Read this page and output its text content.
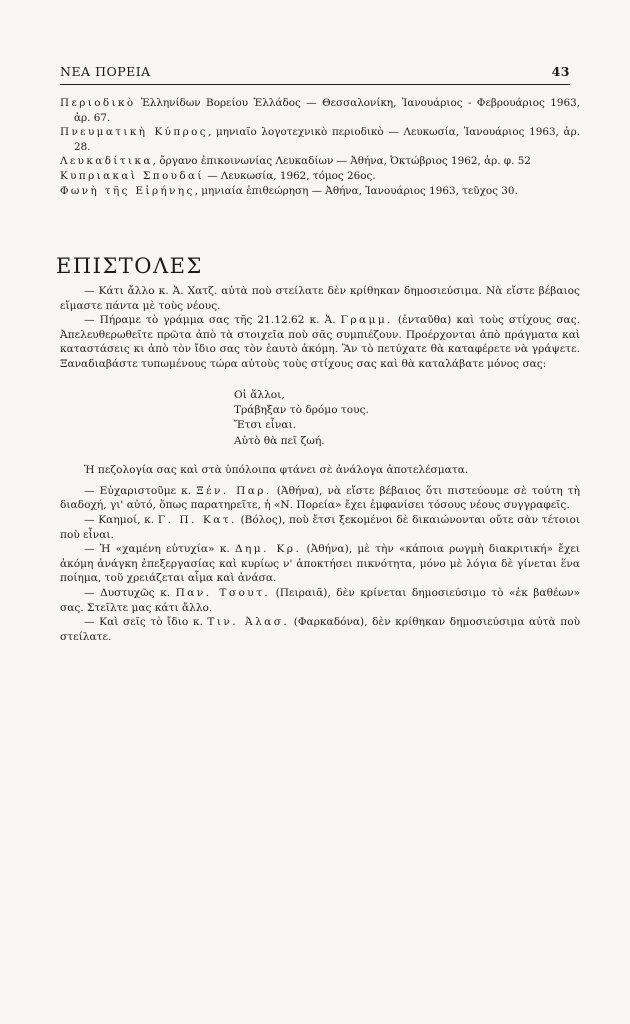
ΝΕΑ ΠΟΡΕΙΑ	43
Περιοδικὸ Ἑλληνίδων Βορείου Ἑλλάδος — Θεσσαλονίκη, Ἰανουάριος - Φεβρουάριος 1963, ἀρ. 67.
Πνευματικὴ Κύπρος, μηνιαῖο λογοτεχνικὸ περιοδικὸ — Λευκωσία, Ἰανουάριος 1963, ἀρ. 28.
Λευκαδίτικα, ὄργανο ἐπικοινωνίας Λευκαδίων — Ἀθήνα, Ὀκτώβριος 1962, ἀρ. φ. 52
Κυπριακαὶ Σπουδαί — Λευκωσία, 1962, τόμος 26ος.
Φωνὴ τῆς Εἰρήνης, μηνιαία ἐπιθεώρηση — Ἀθήνα, Ἰανουάριος 1963, τεῦχος 30.
ΕΠΙΣΤΟΛΕΣ

— Κάτι ἄλλο κ. Ἀ. Χατζ. αὐτὰ ποὺ στείλατε δὲν κρίθηκαν δημοσιεύσιμα. Νὰ εἴστε βέβαιος εἴμαστε πάντα μὲ τοὺς νέους.

— Πήραμε τὸ γράμμα σας τῆς 21.12.62 κ. Ἀ. Γραμμ. (ἐνταῦθα) καὶ τοὺς στίχους σας. Ἀπελευθερωθεῖτε πρῶτα ἀπὸ τὰ στοιχεῖα ποὺ σᾶς συμπιέζουν. Προέρχονται ἀπὸ πράγματα καὶ καταστάσεις κι ἀπὸ τὸν ἴδιο σας τὸν ἑαυτὸ ἀκόμη. Ἂν τὸ πετύχατε θὰ καταφέρετε νὰ γράψετε. Ξαναδιαβάστε τυπωμένους τώρα αὐτοὺς τοὺς στίχους σας καὶ θὰ καταλάβατε μόνος σας:

Οἱ ἄλλοι,
Τράβηξαν τὸ δρόμο τους.
Ἔτσι εἶναι.
Αὐτὸ θὰ πεῖ ζωή.

Ἡ πεζολογία σας καὶ στὰ ὑπόλοιπα φτάνει σὲ ἀνάλογα ἀποτελέσματα.

— Εὐχαριστοῦμε κ. Ξέν. Παρ. (Ἀθήνα), νὰ εἴστε βέβαιος ὅτι πιστεύουμε σὲ τούτη τὴ διαδοχή, γι' αὐτό, ὅπως παρατηρεῖτε, ἡ «Ν. Πορεία» ἔχει ἐμφανίσει τόσους νέους συγγραφεῖς.

— Καημοί, κ. Γ. Π. Κατ. (Βόλος), ποὺ ἔτσι ξεκομένοι δὲ δικαιώνονται οὔτε σὰν τέτοιοι ποὺ εἶναι.

— Ἡ «χαμένη εὐτυχία» κ. Δημ. Κρ. (Ἀθήνα), μὲ τὴν «κάποια ρωγμὴ διακριτική» ἔχει ἀκόμη ἀνάγκη ἐπεξεργασίας καὶ κυρίως ν' ἀποκτήσει πικνότητα, μόνο μὲ λόγια δὲ γίνεται ἕνα ποίημα, τοῦ χρειάζεται αἷμα καὶ ἀνάσα.

— Δυστυχῶς κ. Παν. Τσουτ. (Πειραιᾶ), δὲν κρίνεται δημοσιεύσιμο τὸ «ἐκ βαθέων» σας. Στεῖλτε μας κάτι ἄλλο.

— Καὶ σεῖς τὸ ἴδιο κ. Τιν. Ἀλασ. (Φαρκαδόνα), δὲν κρίθηκαν δημοσιεύσιμα αὐτὰ ποὺ στείλατε.
